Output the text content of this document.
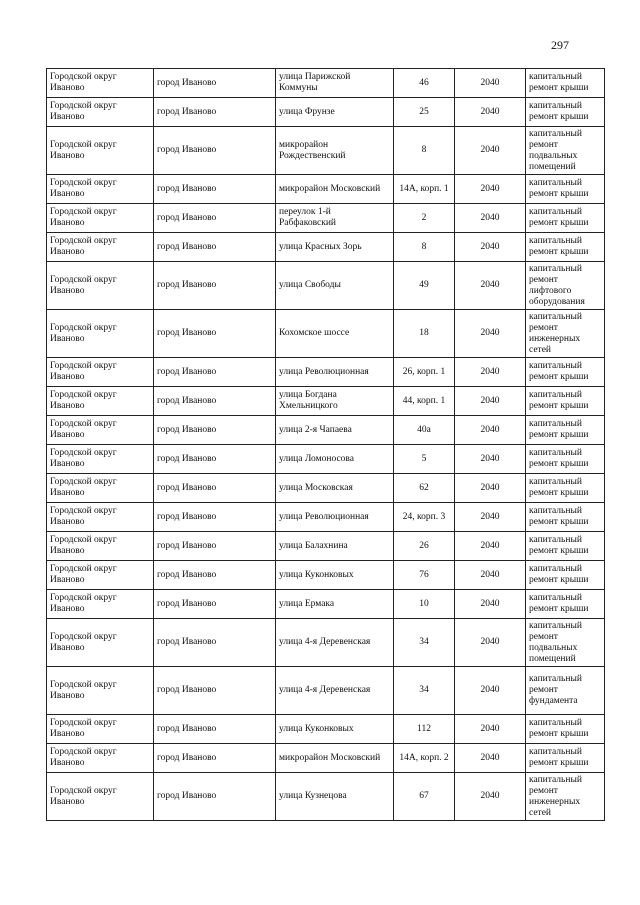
297
Городской округ Иваново	город Иваново	улица Парижской Коммуны	46	2040	капитальный ремонт крыши
Городской округ Иваново	город Иваново	улица Фрунзе	25	2040	капитальный ремонт крыши
Городской округ Иваново	город Иваново	микрорайон Рождественский	8	2040	капитальный ремонт подвальных помещений
Городской округ Иваново	город Иваново	микрорайон Московский	14А, корп. 1	2040	капитальный ремонт крыши
Городской округ Иваново	город Иваново	переулок 1-й Рабфаковский	2	2040	капитальный ремонт крыши
Городской округ Иваново	город Иваново	улица Красных Зорь	8	2040	капитальный ремонт крыши
Городской округ Иваново	город Иваново	улица Свободы	49	2040	капитальный ремонт лифтового оборудования
Городской округ Иваново	город Иваново	Кохомское шоссе	18	2040	капитальный ремонт инженерных сетей
Городской округ Иваново	город Иваново	улица Революционная	26, корп. 1	2040	капитальный ремонт крыши
Городской округ Иваново	город Иваново	улица Богдана Хмельницкого	44, корп. 1	2040	капитальный ремонт крыши
Городской округ Иваново	город Иваново	улица 2-я Чапаева	40а	2040	капитальный ремонт крыши
Городской округ Иваново	город Иваново	улица Ломоносова	5	2040	капитальный ремонт крыши
Городской округ Иваново	город Иваново	улица Московская	62	2040	капитальный ремонт крыши
Городской округ Иваново	город Иваново	улица Революционная	24, корп. 3	2040	капитальный ремонт крыши
Городской округ Иваново	город Иваново	улица Балахнина	26	2040	капитальный ремонт крыши
Городской округ Иваново	город Иваново	улица Куконковых	76	2040	капитальный ремонт крыши
Городской округ Иваново	город Иваново	улица Ермака	10	2040	капитальный ремонт крыши
Городской округ Иваново	город Иваново	улица 4-я Деревенская	34	2040	капитальный ремонт подвальных помещений
Городской округ Иваново	город Иваново	улица 4-я Деревенская	34	2040	капитальный ремонт фундамента
Городской округ Иваново	город Иваново	улица Куконковых	112	2040	капитальный ремонт крыши
Городской округ Иваново	город Иваново	микрорайон Московский	14А, корп. 2	2040	капитальный ремонт крыши
Городской округ Иваново	город Иваново	улица Кузнецова	67	2040	капитальный ремонт инженерных сетей
